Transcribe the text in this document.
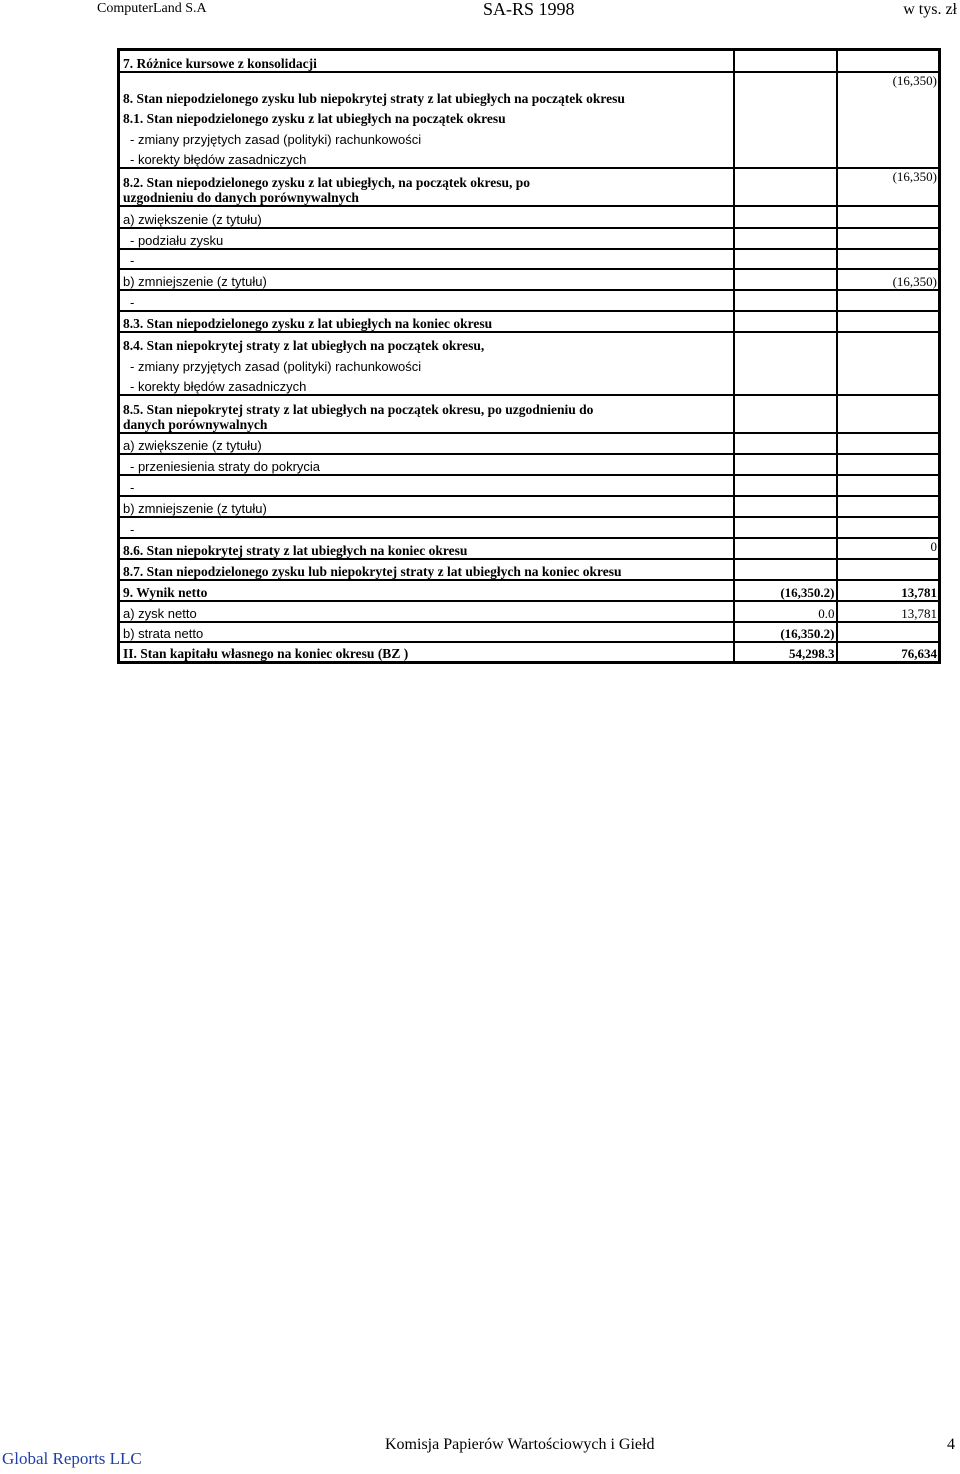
ComputerLand S.A	SA-RS 1998	w tys. zł
7. Różnice kursowe z konsolidacji		
8. Stan niepodzielonego zysku lub niepokrytej straty z lat ubiegłych na początek okresu		(16,350)
8.1. Stan niepodzielonego zysku z lat ubiegłych na początek okresu		
- zmiany przyjętych zasad (polityki) rachunkowości		
- korekty błędów zasadniczych		
8.2. Stan niepodzielonego zysku z lat ubiegłych, na początek okresu, po uzgodnieniu do danych porównywalnych		(16,350)
a) zwiększenie (z tytułu)		
- podziału zysku		
-		
b) zmniejszenie (z tytułu)		(16,350)
-		
8.3. Stan niepodzielonego zysku z lat ubiegłych na koniec okresu		
8.4. Stan niepokrytej straty z lat ubiegłych na początek okresu,		
- zmiany przyjętych zasad (polityki) rachunkowości		
- korekty błędów zasadniczych		
8.5. Stan niepokrytej straty z lat ubiegłych na początek okresu, po uzgodnieniu do danych porównywalnych		
a) zwiększenie (z tytułu)		
- przeniesienia straty do pokrycia		
-		
b) zmniejszenie (z tytułu)		
-		
8.6. Stan niepokrytej straty z lat ubiegłych na koniec okresu		0
8.7. Stan niepodzielonego zysku lub niepokrytej straty z lat ubiegłych na koniec okresu		
9. Wynik netto	(16,350.2)	13,781
a) zysk netto	0.0	13,781
b) strata netto	(16,350.2)	
II. Stan kapitału własnego na koniec okresu (BZ )	54,298.3	76,634
Global Reports LLC
Komisja Papierów Wartościowych i Giełd	4
